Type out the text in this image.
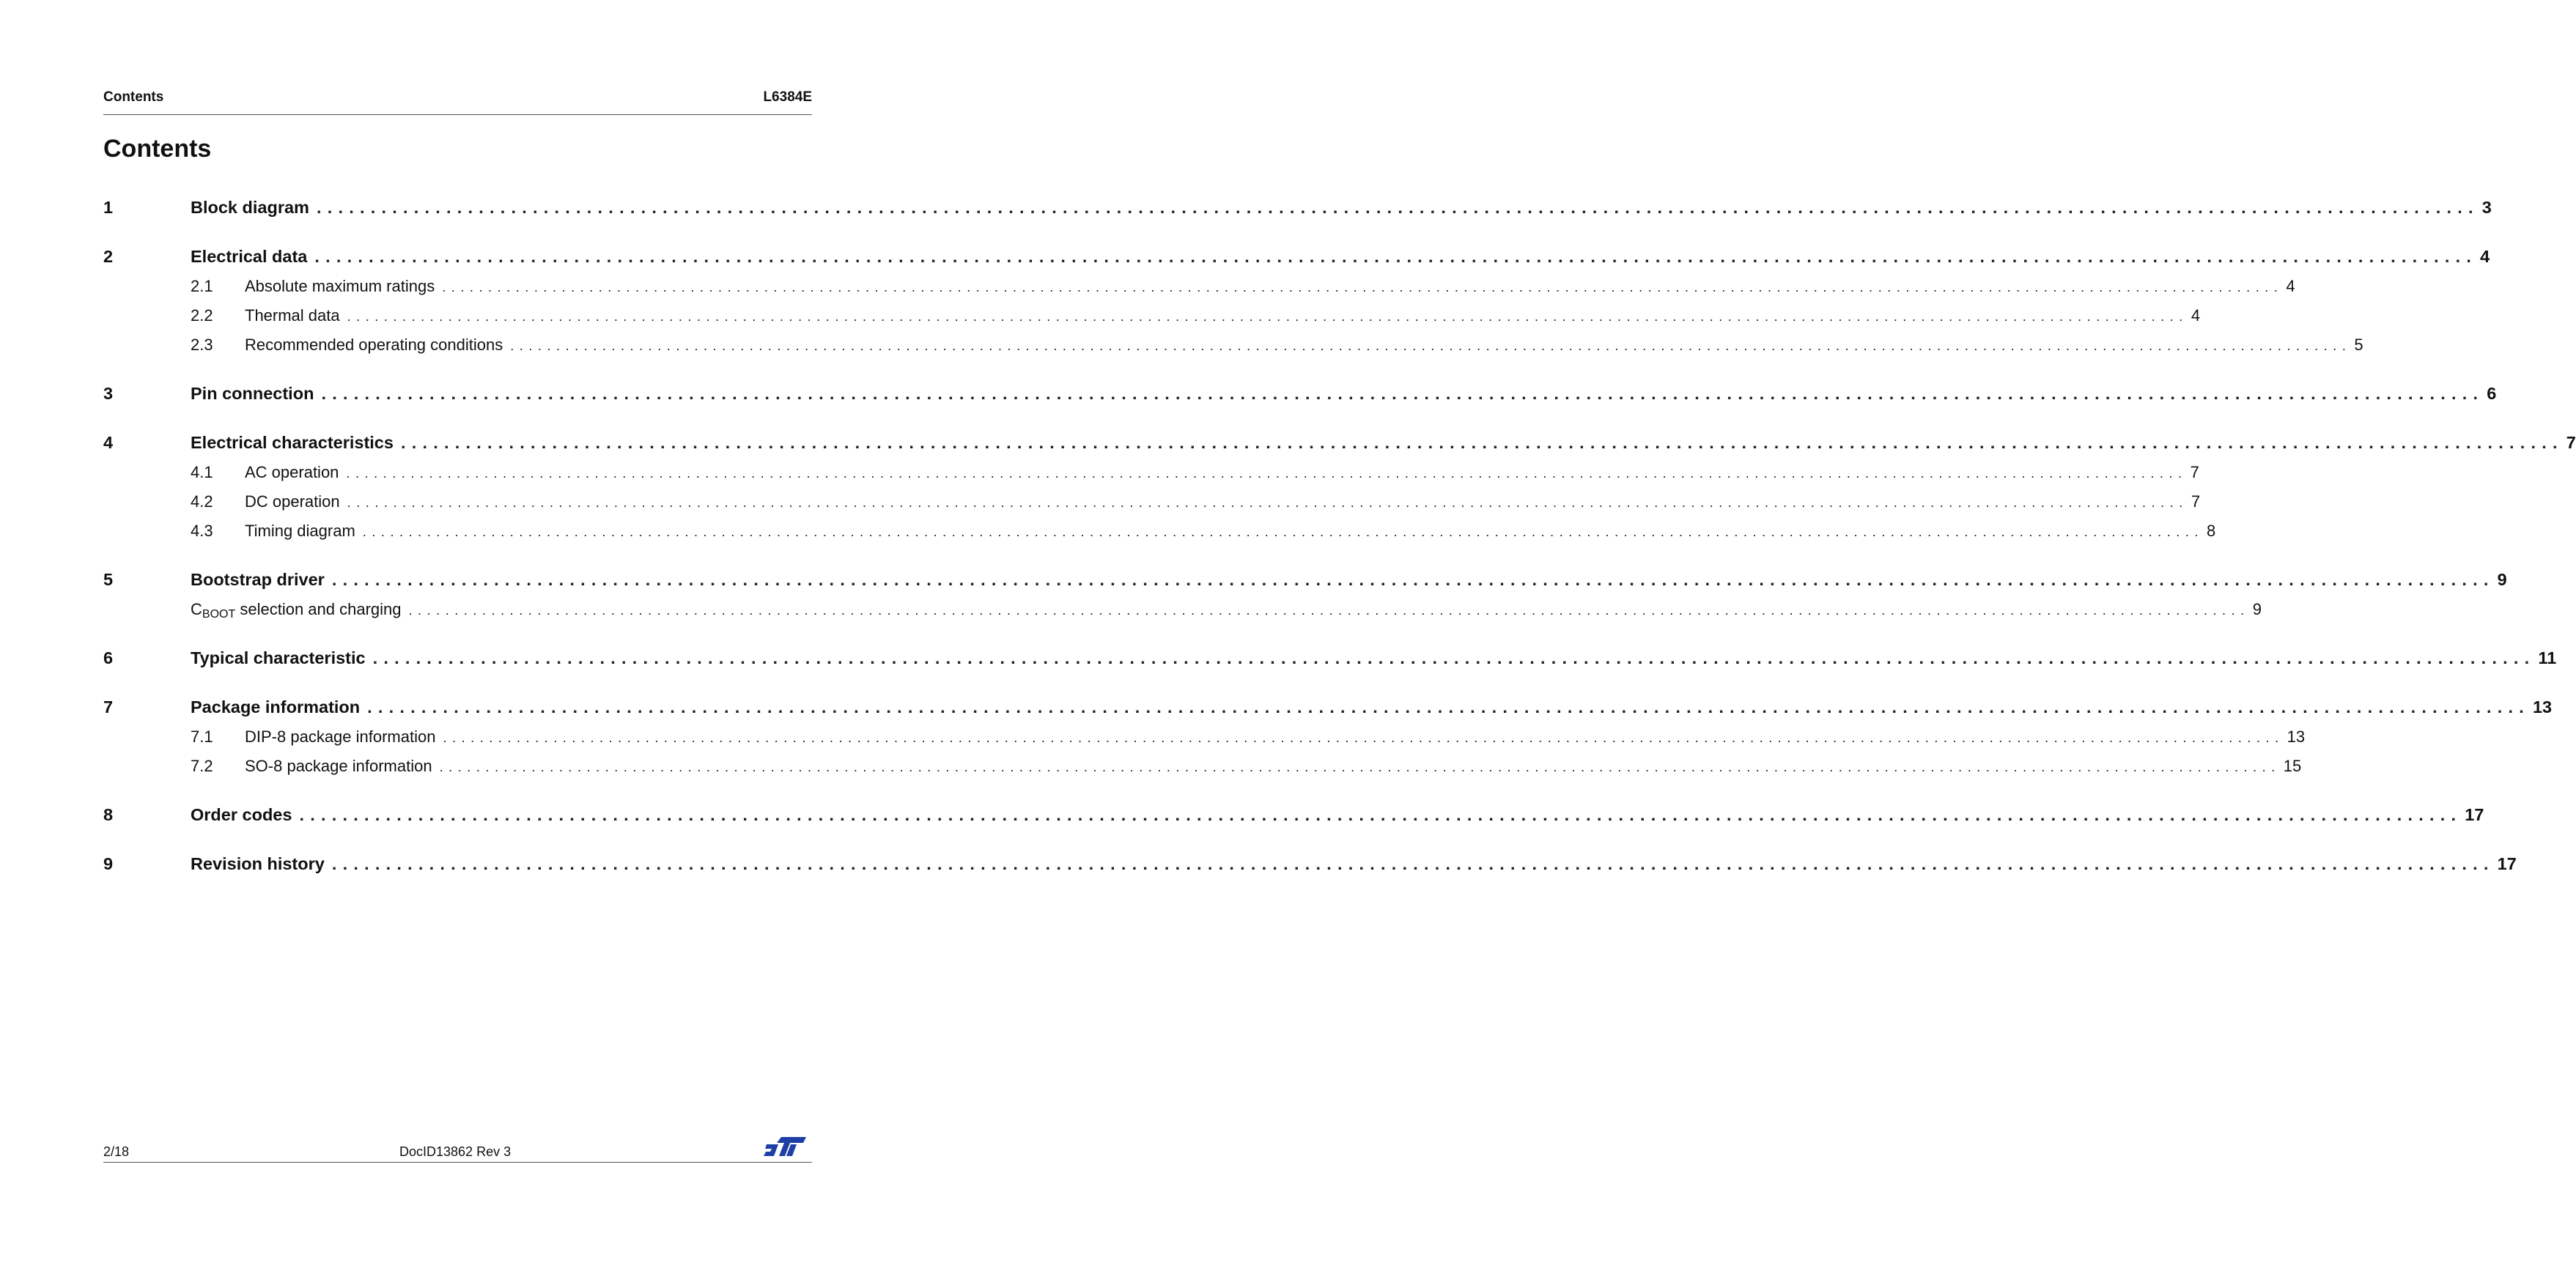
Contents	L6384E
Contents
1	Block diagram ........................................................................................................................................................................................................ 3
2	Electrical data ........................................................................................................................................................................................................ 4
2.1	Absolute maximum ratings ........................................................................................................................................................................................................ 4
2.2	Thermal data ........................................................................................................................................................................................................ 4
2.3	Recommended operating conditions ........................................................................................................................................................................................................ 5
3	Pin connection ........................................................................................................................................................................................................ 6
4	Electrical characteristics ........................................................................................................................................................................................................ 7
4.1	AC operation ........................................................................................................................................................................................................ 7
4.2	DC operation ........................................................................................................................................................................................................ 7
4.3	Timing diagram ........................................................................................................................................................................................................ 8
5	Bootstrap driver ........................................................................................................................................................................................................ 9
$C_{BOOT}$ selection and charging ........................................................................................................................................................................................................ 9
6	Typical characteristic ........................................................................................................................................................................................................ 11
7	Package information ........................................................................................................................................................................................................ 13
7.1	DIP-8 package information ........................................................................................................................................................................................................ 13
7.2	SO-8 package information ........................................................................................................................................................................................................ 15
8	Order codes ........................................................................................................................................................................................................ 17
9	Revision history ........................................................................................................................................................................................................ 17
2/18	DocID13862 Rev 3
